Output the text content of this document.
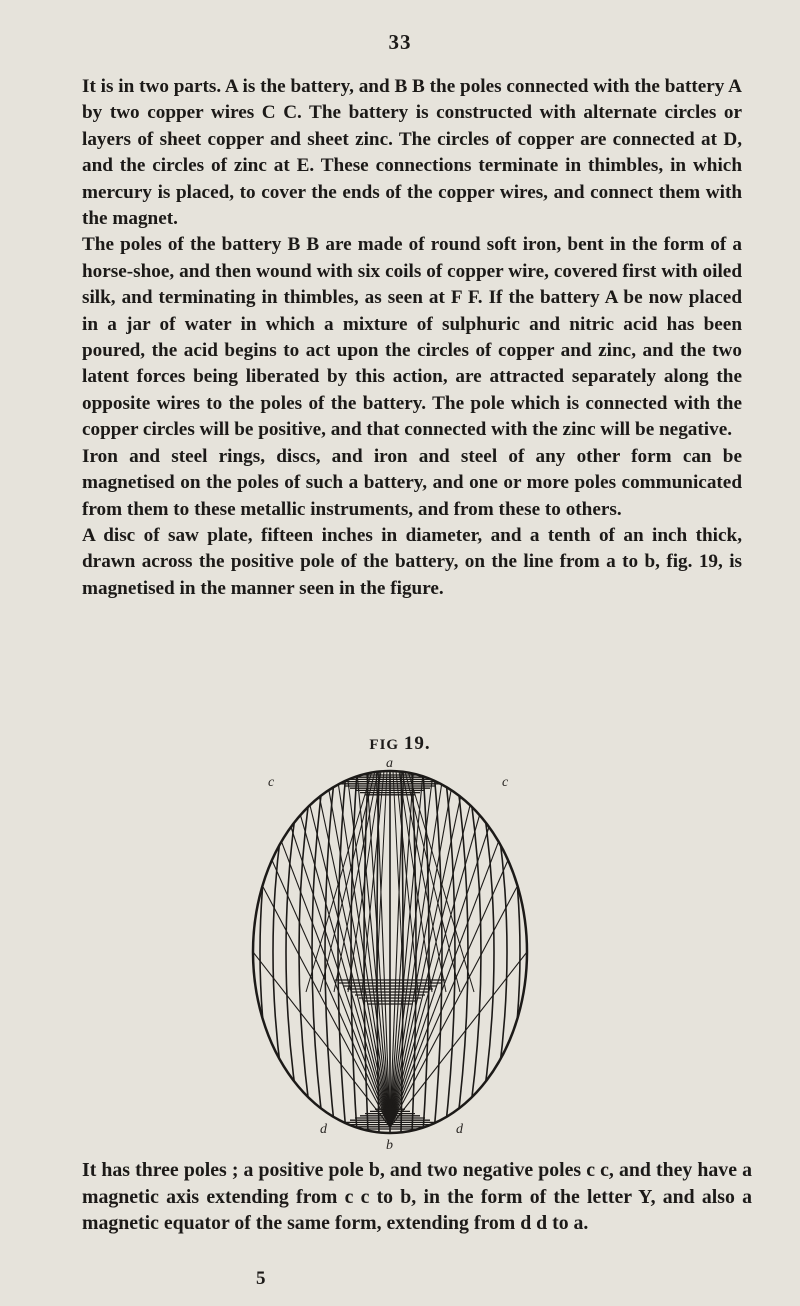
33

It is in two parts. A is the battery, and B B the poles connected with the battery A by two copper wires C C. The battery is constructed with alternate circles or layers of sheet copper and sheet zinc. The circles of copper are connected at D, and the circles of zinc at E. These connections terminate in thimbles, in which mercury is placed, to cover the ends of the copper wires, and connect them with the magnet.

The poles of the battery B B are made of round soft iron, bent in the form of a horse-shoe, and then wound with six coils of copper wire, covered first with oiled silk, and terminating in thimbles, as seen at F F. If the battery A be now placed in a jar of water in which a mixture of sulphuric and nitric acid has been poured, the acid begins to act upon the circles of copper and zinc, and the two latent forces being liberated by this action, are attracted separately along the opposite wires to the poles of the battery. The pole which is connected with the copper circles will be positive, and that connected with the zinc will be negative.

Iron and steel rings, discs, and iron and steel of any other form can be magnetised on the poles of such a battery, and one or more poles communicated from them to these metallic instruments, and from these to others.

A disc of saw plate, fifteen inches in diameter, and a tenth of an inch thick, drawn across the positive pole of the battery, on the line from a to b, fig. 19, is magnetised in the manner seen in the figure.

FIG 19.
a
c	c
d	d
b

It has three poles ; a positive pole b, and two negative poles c c, and they have a magnetic axis extending from c c to b, in the form of the letter Y, and also a magnetic equator of the same form, extending from d d to a.

5
